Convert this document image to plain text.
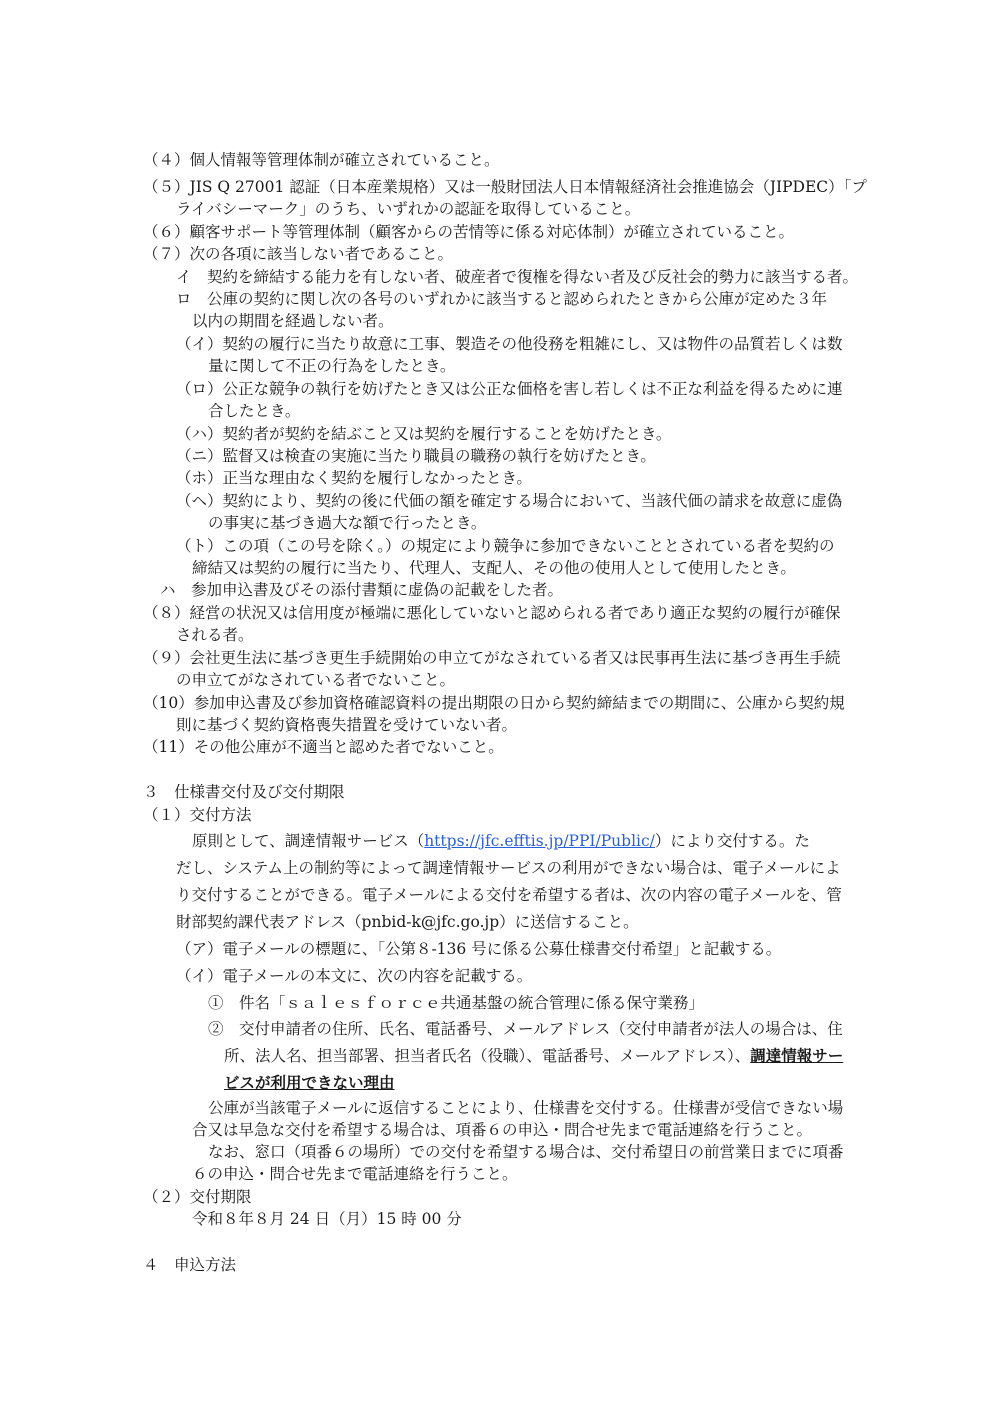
（４）個人情報等管理体制が確立されていること。
（５）JIS Q 27001 認証（日本産業規格）又は一般財団法人日本情報経済社会推進協会（JIPDEC）「プ
ライバシーマーク」のうち、いずれかの認証を取得していること。
（６）顧客サポート等管理体制（顧客からの苦情等に係る対応体制）が確立されていること。
（７）次の各項に該当しない者であること。
イ　契約を締結する能力を有しない者、破産者で復権を得ない者及び反社会的勢力に該当する者。
ロ　公庫の契約に関し次の各号のいずれかに該当すると認められたときから公庫が定めた３年
以内の期間を経過しない者。
（イ）契約の履行に当たり故意に工事、製造その他役務を粗雑にし、又は物件の品質若しくは数
量に関して不正の行為をしたとき。
（ロ）公正な競争の執行を妨げたとき又は公正な価格を害し若しくは不正な利益を得るために連
合したとき。
（ハ）契約者が契約を結ぶこと又は契約を履行することを妨げたとき。
（ニ）監督又は検査の実施に当たり職員の職務の執行を妨げたとき。
（ホ）正当な理由なく契約を履行しなかったとき。
（ヘ）契約により、契約の後に代価の額を確定する場合において、当該代価の請求を故意に虚偽
の事実に基づき過大な額で行ったとき。
（ト）この項（この号を除く。）の規定により競争に参加できないこととされている者を契約の
締結又は契約の履行に当たり、代理人、支配人、その他の使用人として使用したとき。
ハ　参加申込書及びその添付書類に虚偽の記載をした者。
（８）経営の状況又は信用度が極端に悪化していないと認められる者であり適正な契約の履行が確保
される者。
（９）会社更生法に基づき更生手続開始の申立てがなされている者又は民事再生法に基づき再生手続
の申立てがなされている者でないこと。
（10）参加申込書及び参加資格確認資料の提出期限の日から契約締結までの期間に、公庫から契約規
則に基づく契約資格喪失措置を受けていない者。
（11）その他公庫が不適当と認めた者でないこと。
３　仕様書交付及び交付期限
（１）交付方法
原則として、調達情報サービス（https://jfc.efftis.jp/PPI/Public/）により交付する。た
だし、システム上の制約等によって調達情報サービスの利用ができない場合は、電子メールによ
り交付することができる。電子メールによる交付を希望する者は、次の内容の電子メールを、管
財部契約課代表アドレス（pnbid-k@jfc.go.jp）に送信すること。
（ア）電子メールの標題に、「公第８-136 号に係る公募仕様書交付希望」と記載する。
（イ）電子メールの本文に、次の内容を記載する。
①　件名「ｓａｌｅｓｆｏｒｃｅ共通基盤の統合管理に係る保守業務」
②　交付申請者の住所、氏名、電話番号、メールアドレス（交付申請者が法人の場合は、住
所、法人名、担当部署、担当者氏名（役職）、電話番号、メールアドレス）、調達情報サー
ビスが利用できない理由
公庫が当該電子メールに返信することにより、仕様書を交付する。仕様書が受信できない場
合又は早急な交付を希望する場合は、項番６の申込・問合せ先まで電話連絡を行うこと。
なお、窓口（項番６の場所）での交付を希望する場合は、交付希望日の前営業日までに項番
６の申込・問合せ先まで電話連絡を行うこと。
（２）交付期限
令和８年８月 24 日（月）15 時 00 分
４　申込方法
